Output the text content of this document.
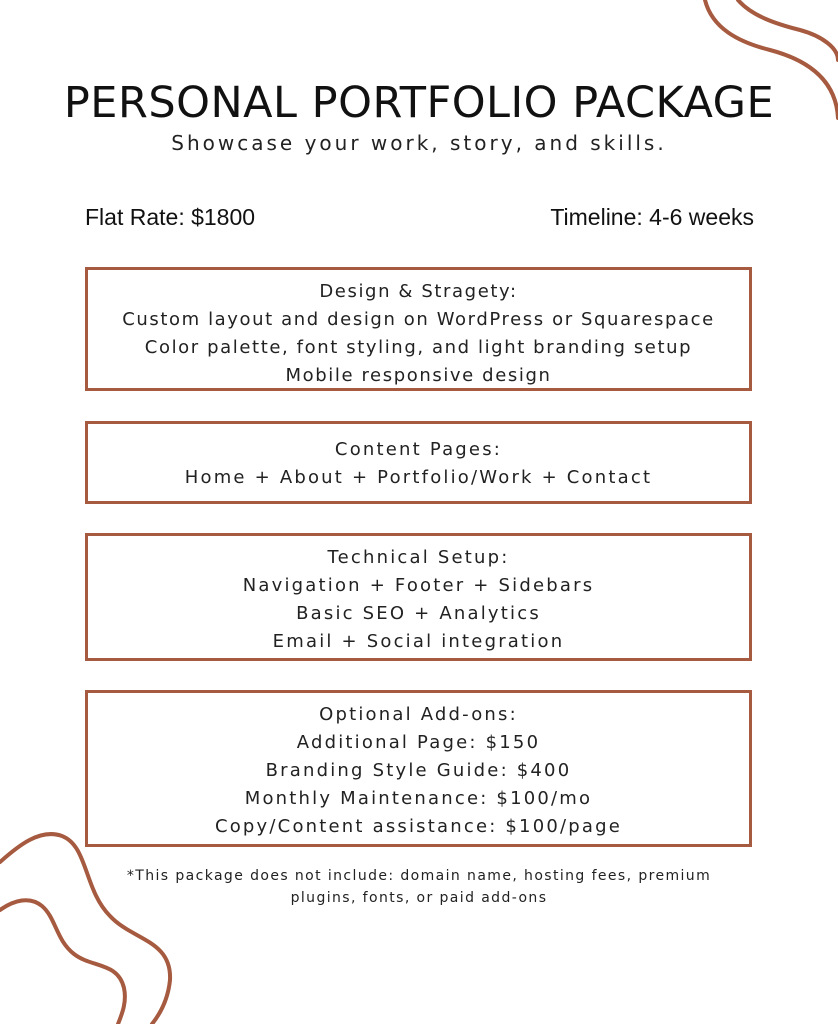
PERSONAL PORTFOLIO PACKAGE
Showcase your work, story, and skills.
Flat Rate: $1800	Timeline: 4-6 weeks
Design & Stragety:
Custom layout and design on WordPress or Squarespace
Color palette, font styling, and light branding setup
Mobile responsive design
Content Pages:
Home + About + Portfolio/Work + Contact
Technical Setup:
Navigation + Footer + Sidebars
Basic SEO + Analytics
Email + Social integration
Optional Add-ons:
Additional Page: $150
Branding Style Guide: $400
Monthly Maintenance: $100/mo
Copy/Content assistance: $100/page
*This package does not include: domain name, hosting fees, premium
plugins, fonts, or paid add-ons
